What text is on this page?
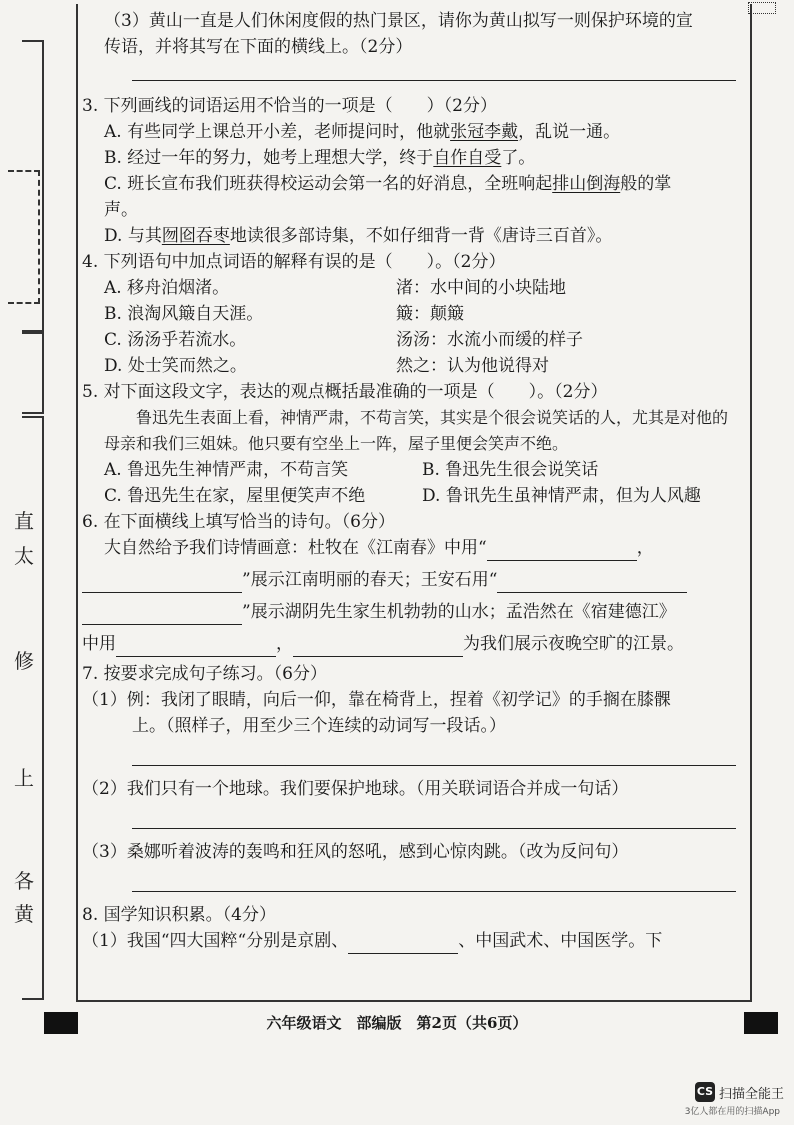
直
太
修
上
各
黄
（3）黄山一直是人们休闲度假的热门景区，请你为黄山拟写一则保护环境的宣
传语，并将其写在下面的横线上。（2分）
3. 下列画线的词语运用不恰当的一项是（　　）（2分）
A. 有些同学上课总开小差，老师提问时，他就张冠李戴，乱说一通。
B. 经过一年的努力，她考上理想大学，终于自作自受了。
C. 班长宣布我们班获得校运动会第一名的好消息，全班响起排山倒海般的掌
声。
D. 与其囫囵吞枣地读很多部诗集，不如仔细背一背《唐诗三百首》。
4. 下列语句中加点词语的解释有误的是（　　）。（2分）
A. 移舟泊烟渚。	渚：水中间的小块陆地
B. 浪淘风簸自天涯。	簸：颠簸
C. 汤汤乎若流水。	汤汤：水流小而缓的样子
D. 处士笑而然之。	然之：认为他说得对
5. 对下面这段文字，表达的观点概括最准确的一项是（　　）。（2分）
鲁迅先生表面上看，神情严肃，不苟言笑，其实是个很会说笑话的人，尤其是对他的母亲和我们三姐妹。他只要有空坐上一阵，屋子里便会笑声不绝。
A. 鲁迅先生神情严肃，不苟言笑	B. 鲁迅先生很会说笑话
C. 鲁迅先生在家，屋里便笑声不绝	D. 鲁讯先生虽神情严肃，但为人风趣
6. 在下面横线上填写恰当的诗句。（6分）
大自然给予我们诗情画意：杜牧在《江南春》中用“	，
”展示江南明丽的春天；王安石用“
”展示湖阴先生家生机勃勃的山水；孟浩然在《宿建德江》
中用	，	为我们展示夜晚空旷的江景。
7. 按要求完成句子练习。（6分）
（1）例：我闭了眼睛，向后一仰，靠在椅背上，捏着《初学记》的手搁在膝髁
上。（照样子，用至少三个连续的动词写一段话。）
（2）我们只有一个地球。我们要保护地球。（用关联词语合并成一句话）
（3）桑娜听着波涛的轰鸣和狂风的怒吼，感到心惊肉跳。（改为反问句）
8. 国学知识积累。（4分）
（1）我国“四大国粹“分别是京剧、	、中国武术、中国医学。下
六年级语文　部编版　第2页（共6页）
CS 扫描全能王
3亿人都在用的扫描App
